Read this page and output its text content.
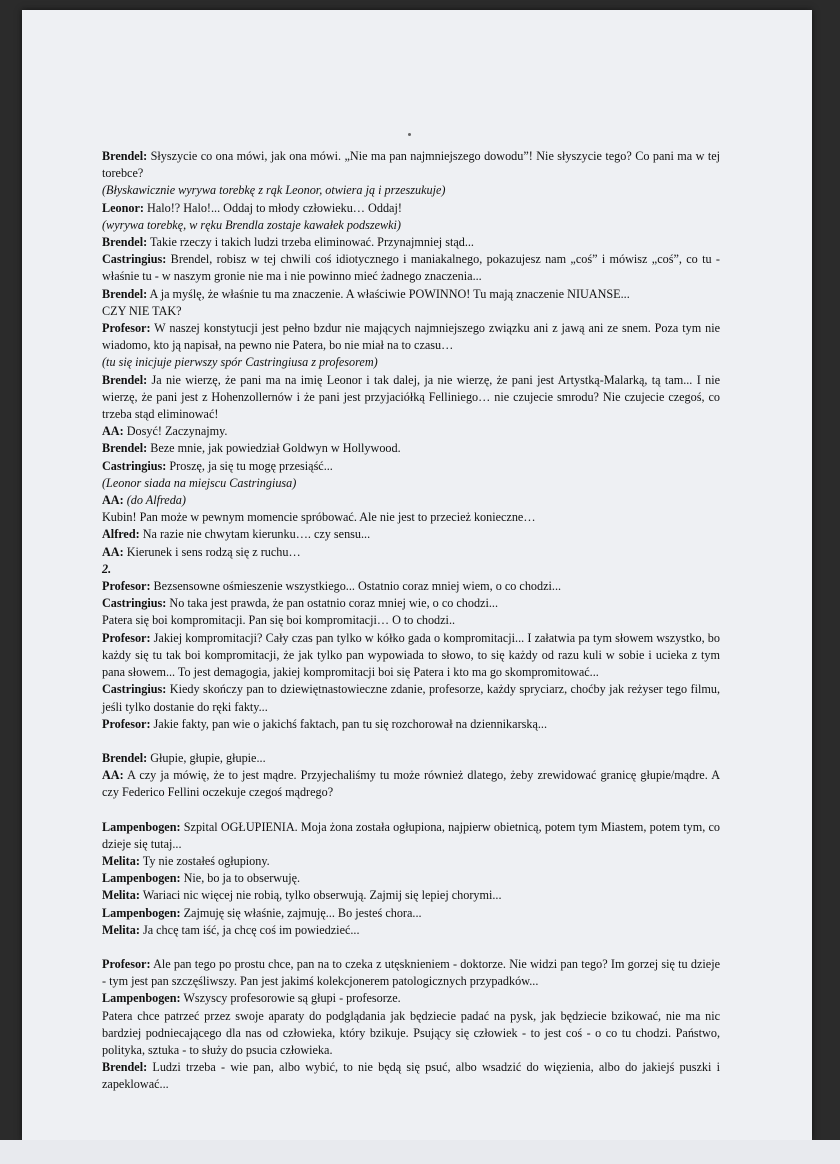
Brendel: Słyszycie co ona mówi, jak ona mówi. „Nie ma pan najmniejszego dowodu”! Nie słyszycie tego? Co pani ma w tej torebce?

(Błyskawicznie wyrywa torebkę z rąk Leonor, otwiera ją i przeszukuje)

Leonor: Halo!? Halo!... Oddaj to młody człowieku… Oddaj!

(wyrywa torebkę, w ręku Brendla zostaje kawałek podszewki)

Brendel: Takie rzeczy i takich ludzi trzeba eliminować. Przynajmniej stąd...

Castringius: Brendel, robisz w tej chwili coś idiotycznego i maniakalnego, pokazujesz nam „coś” i mówisz „coś”, co tu - właśnie tu - w naszym gronie nie ma i nie powinno mieć żadnego znaczenia...

Brendel: A ja myślę, że właśnie tu ma znaczenie. A właściwie POWINNO! Tu mają znaczenie NIUANSE...

CZY NIE TAK?

Profesor: W naszej konstytucji jest pełno bzdur nie mających najmniejszego związku ani z jawą ani ze snem. Poza tym nie wiadomo, kto ją napisał, na pewno nie Patera, bo nie miał na to czasu…

(tu się inicjuje pierwszy spór Castringiusa z profesorem)

Brendel: Ja nie wierzę, że pani ma na imię Leonor i tak dalej, ja nie wierzę, że pani jest Artystką-Malarką, tą tam... I nie wierzę, że pani jest z Hohenzollernów i że pani jest przyjaciółką Felliniego… nie czujecie smrodu? Nie czujecie czegoś, co trzeba stąd eliminować!

AA: Dosyć! Zaczynajmy.

Brendel: Beze mnie, jak powiedział Goldwyn w Hollywood.

Castringius: Proszę, ja się tu mogę przesiąść...

(Leonor siada na miejscu Castringiusa)

AA: (do Alfreda)

Kubin! Pan może w pewnym momencie spróbować. Ale nie jest to przecież konieczne…

Alfred: Na razie nie chwytam kierunku…. czy sensu...

AA: Kierunek i sens rodzą się z ruchu…

2.

Profesor: Bezsensowne ośmieszenie wszystkiego... Ostatnio coraz mniej wiem, o co chodzi...

Castringius: No taka jest prawda, że pan ostatnio coraz mniej wie, o co chodzi...

Patera się boi kompromitacji. Pan się boi kompromitacji… O to chodzi..

Profesor: Jakiej kompromitacji? Cały czas pan tylko w kółko gada o kompromitacji... I załatwia pa tym słowem wszystko, bo każdy się tu tak boi kompromitacji, że jak tylko pan wypowiada to słowo, to się każdy od razu kuli w sobie i ucieka z tym pana słowem... To jest demagogia, jakiej kompromitacji boi się Patera i kto ma go skompromitować...

Castringius: Kiedy skończy pan to dziewiętnastowieczne zdanie, profesorze, każdy spryciarz, choćby jak reżyser tego filmu, jeśli tylko dostanie do ręki fakty...

Profesor: Jakie fakty, pan wie o jakichś faktach, pan tu się rozchorował na dziennikarską...

Brendel: Głupie, głupie, głupie...

AA: A czy ja mówię, że to jest mądre. Przyjechaliśmy tu może również dlatego, żeby zrewidować granicę głupie/mądre. A czy Federico Fellini oczekuje czegoś mądrego?

Lampenbogen: Szpital OGŁUPIENIA. Moja żona została ogłupiona, najpierw obietnicą, potem tym Miastem, potem tym, co dzieje się tutaj...

Melita: Ty nie zostałeś ogłupiony.

Lampenbogen: Nie, bo ja to obserwuję.

Melita: Wariaci nic więcej nie robią, tylko obserwują. Zajmij się lepiej chorymi...

Lampenbogen: Zajmuję się właśnie, zajmuję... Bo jesteś chora...

Melita: Ja chcę tam iść, ja chcę coś im powiedzieć...

Profesor: Ale pan tego po prostu chce, pan na to czeka z utęsknieniem - doktorze. Nie widzi pan tego? Im gorzej się tu dzieje - tym jest pan szczęśliwszy. Pan jest jakimś kolekcjonerem patologicznych przypadków...

Lampenbogen: Wszyscy profesorowie są głupi - profesorze.

Patera chce patrzeć przez swoje aparaty do podglądania jak będziecie padać na pysk, jak będziecie bzikować, nie ma nic bardziej podniecającego dla nas od człowieka, który bzikuje. Psujący się człowiek - to jest coś - o co tu chodzi. Państwo, polityka, sztuka - to służy do psucia człowieka.

Brendel: Ludzi trzeba - wie pan, albo wybić, to nie będą się psuć, albo wsadzić do więzienia, albo do jakiejś puszki i zapeklować...
